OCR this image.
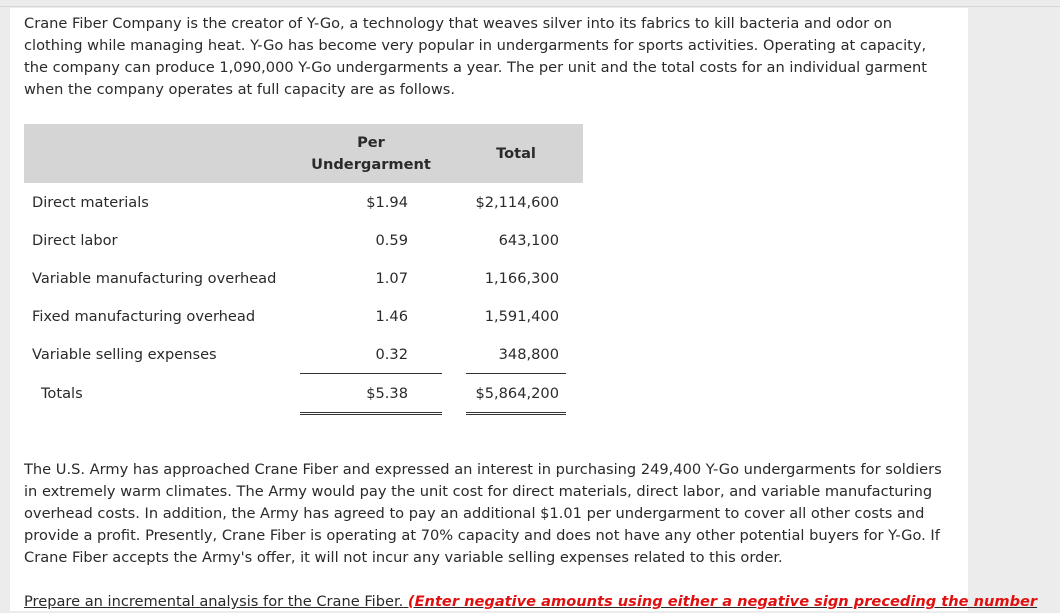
Crane Fiber Company is the creator of Y-Go, a technology that weaves silver into its fabrics to kill bacteria and odor on clothing while managing heat. Y-Go has become very popular in undergarments for sports activities. Operating at capacity, the company can produce 1,090,000 Y-Go undergarments a year. The per unit and the total costs for an individual garment when the company operates at full capacity are as follows.

	Per Undergarment		Total	
Direct materials	$1.94		$2,114,600	
Direct labor	0.59		643,100	
Variable manufacturing overhead	1.07		1,166,300	
Fixed manufacturing overhead	1.46		1,591,400	
Variable selling expenses	0.32		348,800	
Totals	$5.38		$5,864,200	

The U.S. Army has approached Crane Fiber and expressed an interest in purchasing 249,400 Y-Go undergarments for soldiers in extremely warm climates. The Army would pay the unit cost for direct materials, direct labor, and variable manufacturing overhead costs. In addition, the Army has agreed to pay an additional $1.01 per undergarment to cover all other costs and provide a profit. Presently, Crane Fiber is operating at 70% capacity and does not have any other potential buyers for Y-Go. If Crane Fiber accepts the Army's offer, it will not incur any variable selling expenses related to this order.

Prepare an incremental analysis for the Crane Fiber. (Enter negative amounts using either a negative sign preceding the number
